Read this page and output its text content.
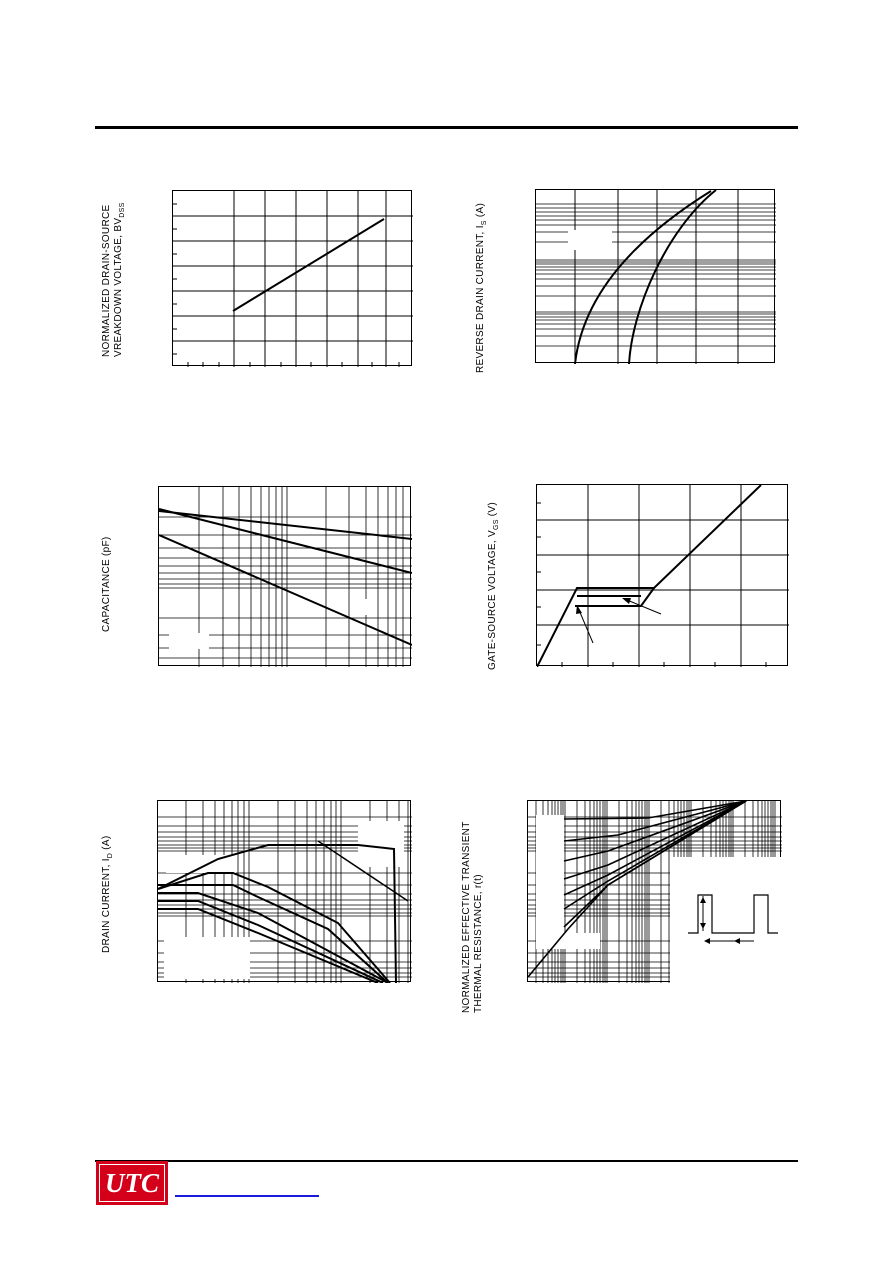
NORMALIZED DRAIN-SOURCE VREAKDOWN VOLTAGE, $BV_{DSS}$
REVERSE DRAIN CURRENT, $I_S$ (A)
CAPACITANCE (pF)	GATE-SOURCE VOLTAGE, $V_{GS}$ (V)
DRAIN CURRENT, $I_D$ (A)	NORMALIZED EFFECTIVE TRANSIENT THERMAL RESISTANCE, r(t)
UTC
